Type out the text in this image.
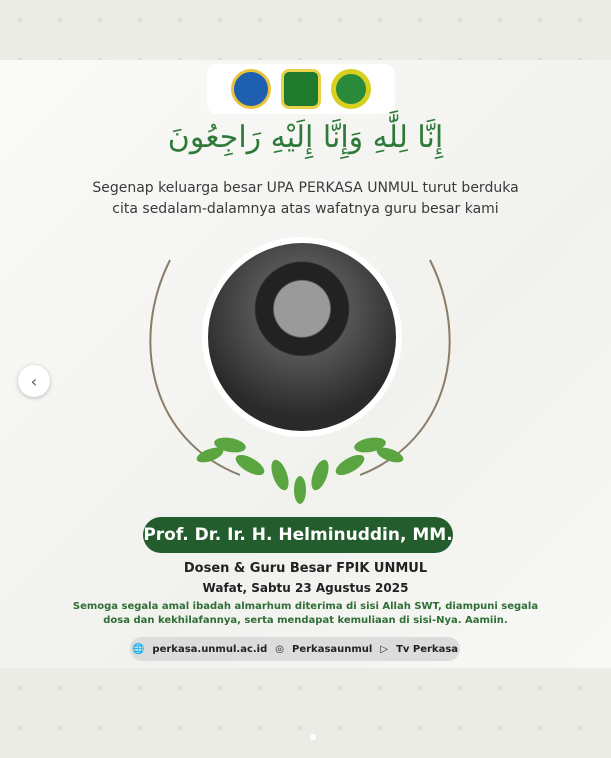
إِنَّا لِلَّٰهِ وَإِنَّا إِلَيْهِ رَاجِعُونَ
Segenap keluarga besar UPA PERKASA UNMUL turut berduka
cita sedalam-dalamnya atas wafatnya guru besar kami
Prof. Dr. Ir. H. Helminuddin, MM.
Dosen & Guru Besar FPIK UNMUL
Wafat, Sabtu 23 Agustus 2025
Semoga segala amal ibadah almarhum diterima di sisi Allah SWT, diampuni segala
dosa dan kekhilafannya, serta mendapat kemuliaan di sisi-Nya. Aamiin.
🌐 perkasa.unmul.ac.id ◎ Perkasaunmul ▷ Tv Perkasa
‹
